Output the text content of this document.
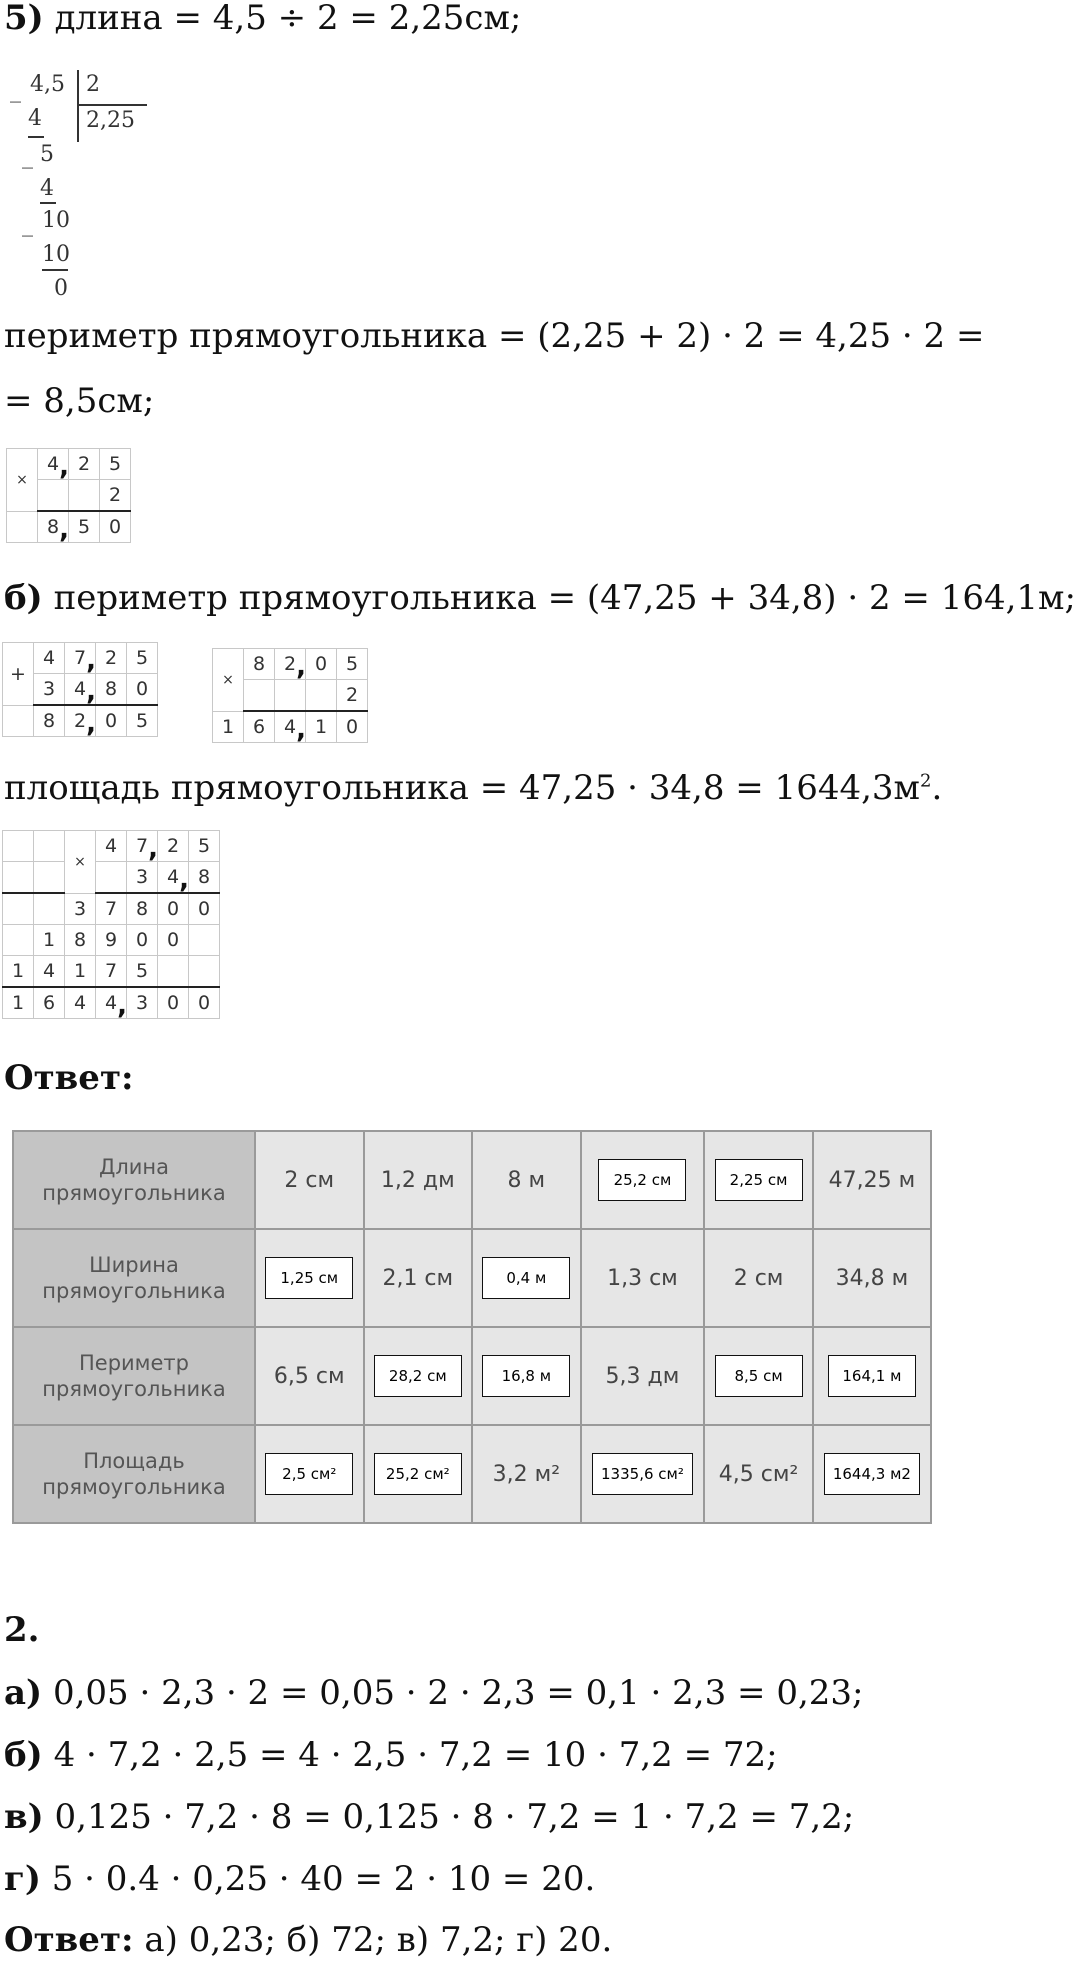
5) длина = 4,5 ÷ 2 = 2,25см;
_ 4,5 2
4 2,25
_ 5
4
_ 10
10
0
периметр прямоугольника = (2,25 + 2) · 2 = 4,25 · 2 =
= 8,5см;
×	4 ,	2	5
			2
	8 ,	5	0
б) периметр прямоугольника = (47,25 + 34,8) · 2 = 164,1м;
+	4	7 ,	2	5
	3	4 ,	8	0
	8	2 ,	0	5
×	8	2 ,	0	5
				2
1	6	4 ,	1	0
площадь прямоугольника = $47,25 \cdot 34,8 = 1644,3м^2$.
		×	4	7 ,	2	5
				3	4 ,	8
		3	7	8	0	0
	1	8	9	0	0	
1	4	1	7	5		
1	6	4	4 ,	3	0	0
Ответ:
Длина прямоугольника	2 см	1,2 дм	8 м	25,2 см	2,25 см	47,25 м
Ширина прямоугольника	1,25 см	2,1 см	0,4 м	1,3 см	2 см	34,8 м
Периметр прямоугольника	6,5 см	28,2 см	16,8 м	5,3 дм	8,5 см	164,1 м
Площадь прямоугольника	2,5 см²	25,2 см²	3,2 м²	1335,6 см²	4,5 см²	1644,3 м2
2.
а) 0,05 · 2,3 · 2 = 0,05 · 2 · 2,3 = 0,1 · 2,3 = 0,23;
б) 4 · 7,2 · 2,5 = 4 · 2,5 · 7,2 = 10 · 7,2 = 72;
в) 0,125 · 7,2 · 8 = 0,125 · 8 · 7,2 = 1 · 7,2 = 7,2;
г) 5 · 0.4 · 0,25 · 40 = 2 · 10 = 20.
Ответ: а) 0,23; б) 72; в) 7,2; г) 20.
